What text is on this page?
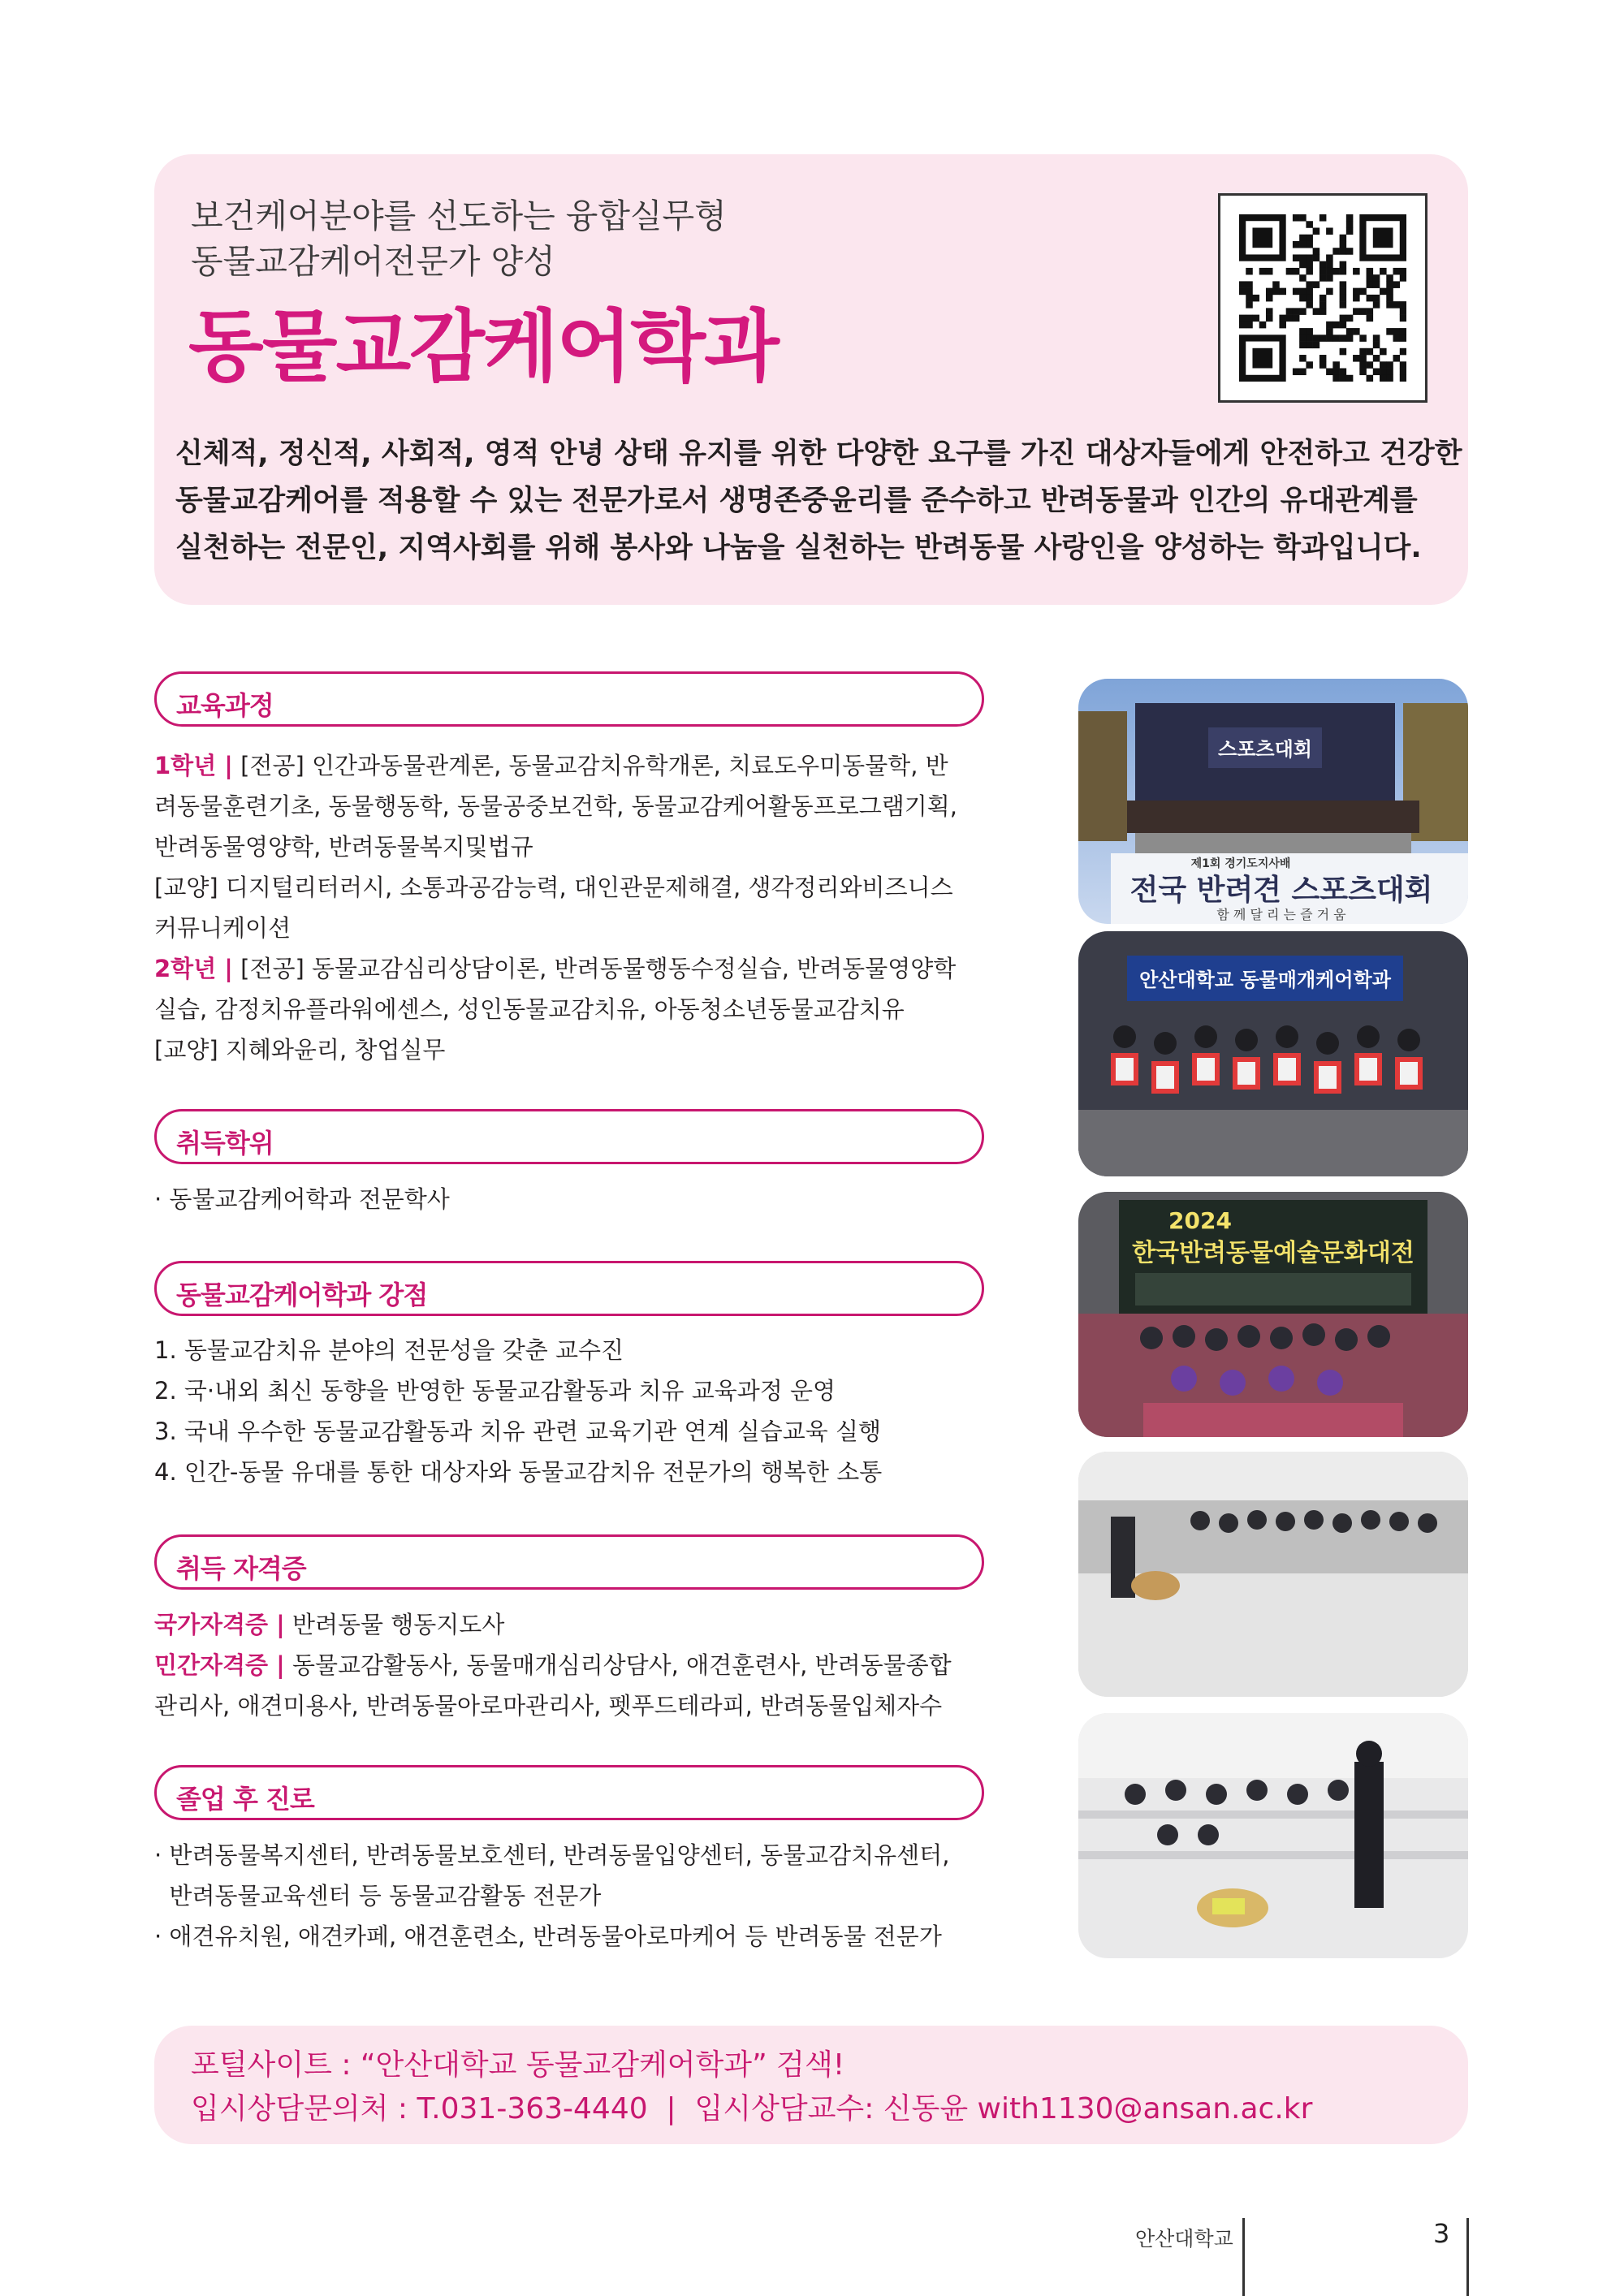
보건케어분야를 선도하는 융합실무형
동물교감케어전문가 양성
동물교감케어학과
신체적, 정신적, 사회적, 영적 안녕 상태 유지를 위한 다양한 요구를 가진 대상자들에게 안전하고 건강한
동물교감케어를 적용할 수 있는 전문가로서 생명존중윤리를 준수하고 반려동물과 인간의 유대관계를
실천하는 전문인, 지역사회를 위해 봉사와 나눔을 실천하는 반려동물 사랑인을 양성하는 학과입니다.
교육과정
1학년 | [전공] 인간과동물관계론, 동물교감치유학개론, 치료도우미동물학, 반
려동물훈련기초, 동물행동학, 동물공중보건학, 동물교감케어활동프로그램기획,
반려동물영양학, 반려동물복지및법규
[교양] 디지털리터러시, 소통과공감능력, 대인관문제해결, 생각정리와비즈니스
커뮤니케이션
2학년 | [전공] 동물교감심리상담이론, 반려동물행동수정실습, 반려동물영양학
실습, 감정치유플라워에센스, 성인동물교감치유, 아동청소년동물교감치유
[교양] 지혜와윤리, 창업실무
취득학위
· 동물교감케어학과 전문학사
동물교감케어학과 강점
1. 동물교감치유 분야의 전문성을 갖춘 교수진
2. 국·내외 최신 동향을 반영한 동물교감활동과 치유 교육과정 운영
3. 국내 우수한 동물교감활동과 치유 관련 교육기관 연계 실습교육 실행
4. 인간-동물 유대를 통한 대상자와 동물교감치유 전문가의 행복한 소통
취득 자격증
국가자격증 | 반려동물 행동지도사
민간자격증 | 동물교감활동사, 동물매개심리상담사, 애견훈련사, 반려동물종합
관리사, 애견미용사, 반려동물아로마관리사, 펫푸드테라피, 반려동물입체자수
졸업 후 진로
· 반려동물복지센터, 반려동물보호센터, 반려동물입양센터, 동물교감치유센터,
반려동물교육센터 등 동물교감활동 전문가
· 애견유치원, 애견카페, 애견훈련소, 반려동물아로마케어 등 반려동물 전문가
스포츠대회
제1회 경기도지사배
전국 반려견 스포츠대회
함 께 달 리 는 즐 거 움
안산대학교 동물매개케어학과
2024
한국반려동물예술문화대전
포털사이트 : “안산대학교 동물교감케어학과” 검색!
입시상담문의처 : T.031-363-4440  |  입시상담교수: 신동윤 with1130@ansan.ac.kr
안산대학교	3
